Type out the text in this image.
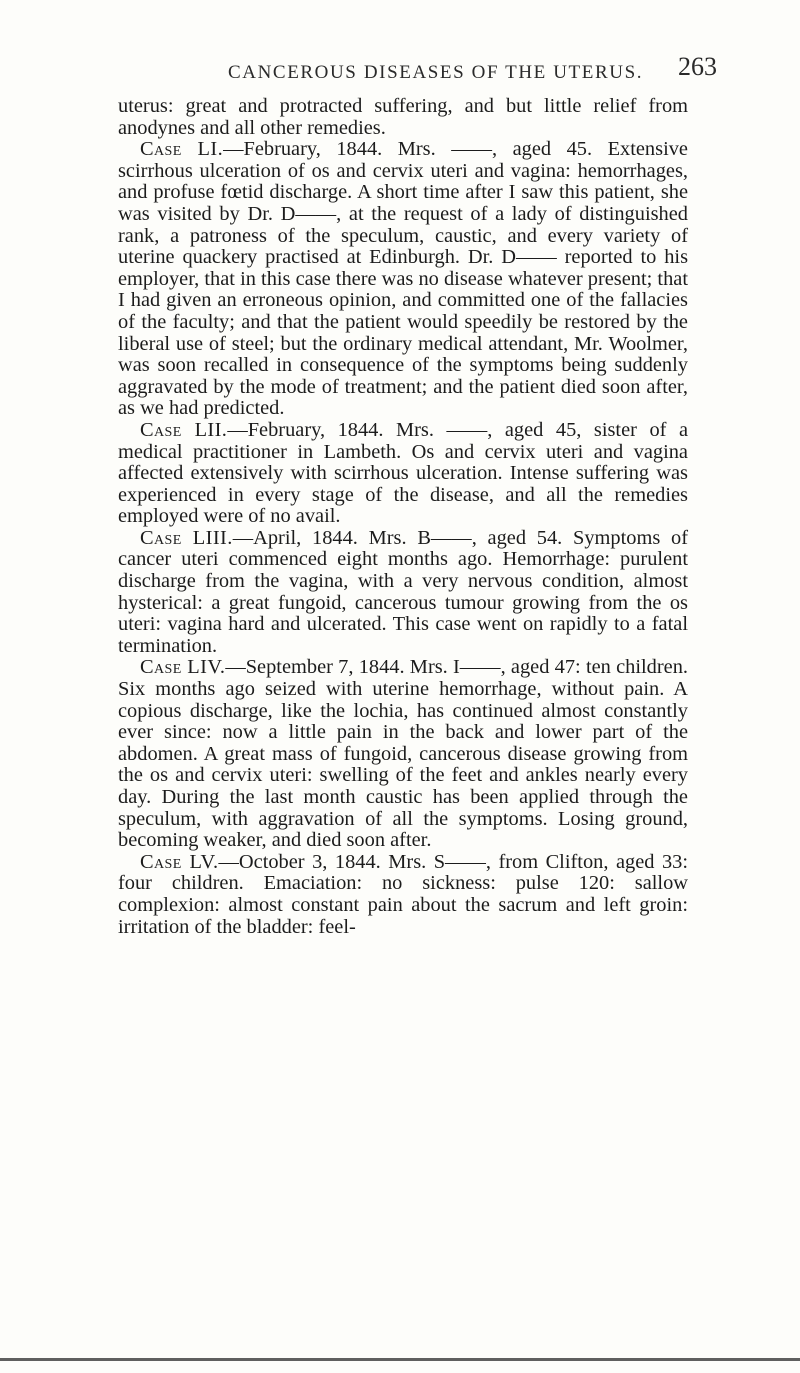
CANCEROUS DISEASES OF THE UTERUS. 263

uterus: great and protracted suffering, and but little relief from anodynes and all other remedies.

Case LI.—February, 1844. Mrs. ——, aged 45. Extensive scirrhous ulceration of os and cervix uteri and vagina: hemorrhages, and profuse fœtid discharge. A short time after I saw this patient, she was visited by Dr. D——, at the request of a lady of distinguished rank, a patroness of the speculum, caustic, and every variety of uterine quackery practised at Edinburgh. Dr. D—— reported to his employer, that in this case there was no disease whatever present; that I had given an erroneous opinion, and committed one of the fallacies of the faculty; and that the patient would speedily be restored by the liberal use of steel; but the ordinary medical attendant, Mr. Woolmer, was soon recalled in consequence of the symptoms being suddenly aggravated by the mode of treatment; and the patient died soon after, as we had predicted.

Case LII.—February, 1844. Mrs. ——, aged 45, sister of a medical practitioner in Lambeth. Os and cervix uteri and vagina affected extensively with scirrhous ulceration. Intense suffering was experienced in every stage of the disease, and all the remedies employed were of no avail.

Case LIII.—April, 1844. Mrs. B——, aged 54. Symptoms of cancer uteri commenced eight months ago. Hemorrhage: purulent discharge from the vagina, with a very nervous condition, almost hysterical: a great fungoid, cancerous tumour growing from the os uteri: vagina hard and ulcerated. This case went on rapidly to a fatal termination.

Case LIV.—September 7, 1844. Mrs. I——, aged 47: ten children. Six months ago seized with uterine hemorrhage, without pain. A copious discharge, like the lochia, has continued almost constantly ever since: now a little pain in the back and lower part of the abdomen. A great mass of fungoid, cancerous disease growing from the os and cervix uteri: swelling of the feet and ankles nearly every day. During the last month caustic has been applied through the speculum, with aggravation of all the symptoms. Losing ground, becoming weaker, and died soon after.

Case LV.—October 3, 1844. Mrs. S——, from Clifton, aged 33: four children. Emaciation: no sickness: pulse 120: sallow complexion: almost constant pain about the sacrum and left groin: irritation of the bladder: feel-
